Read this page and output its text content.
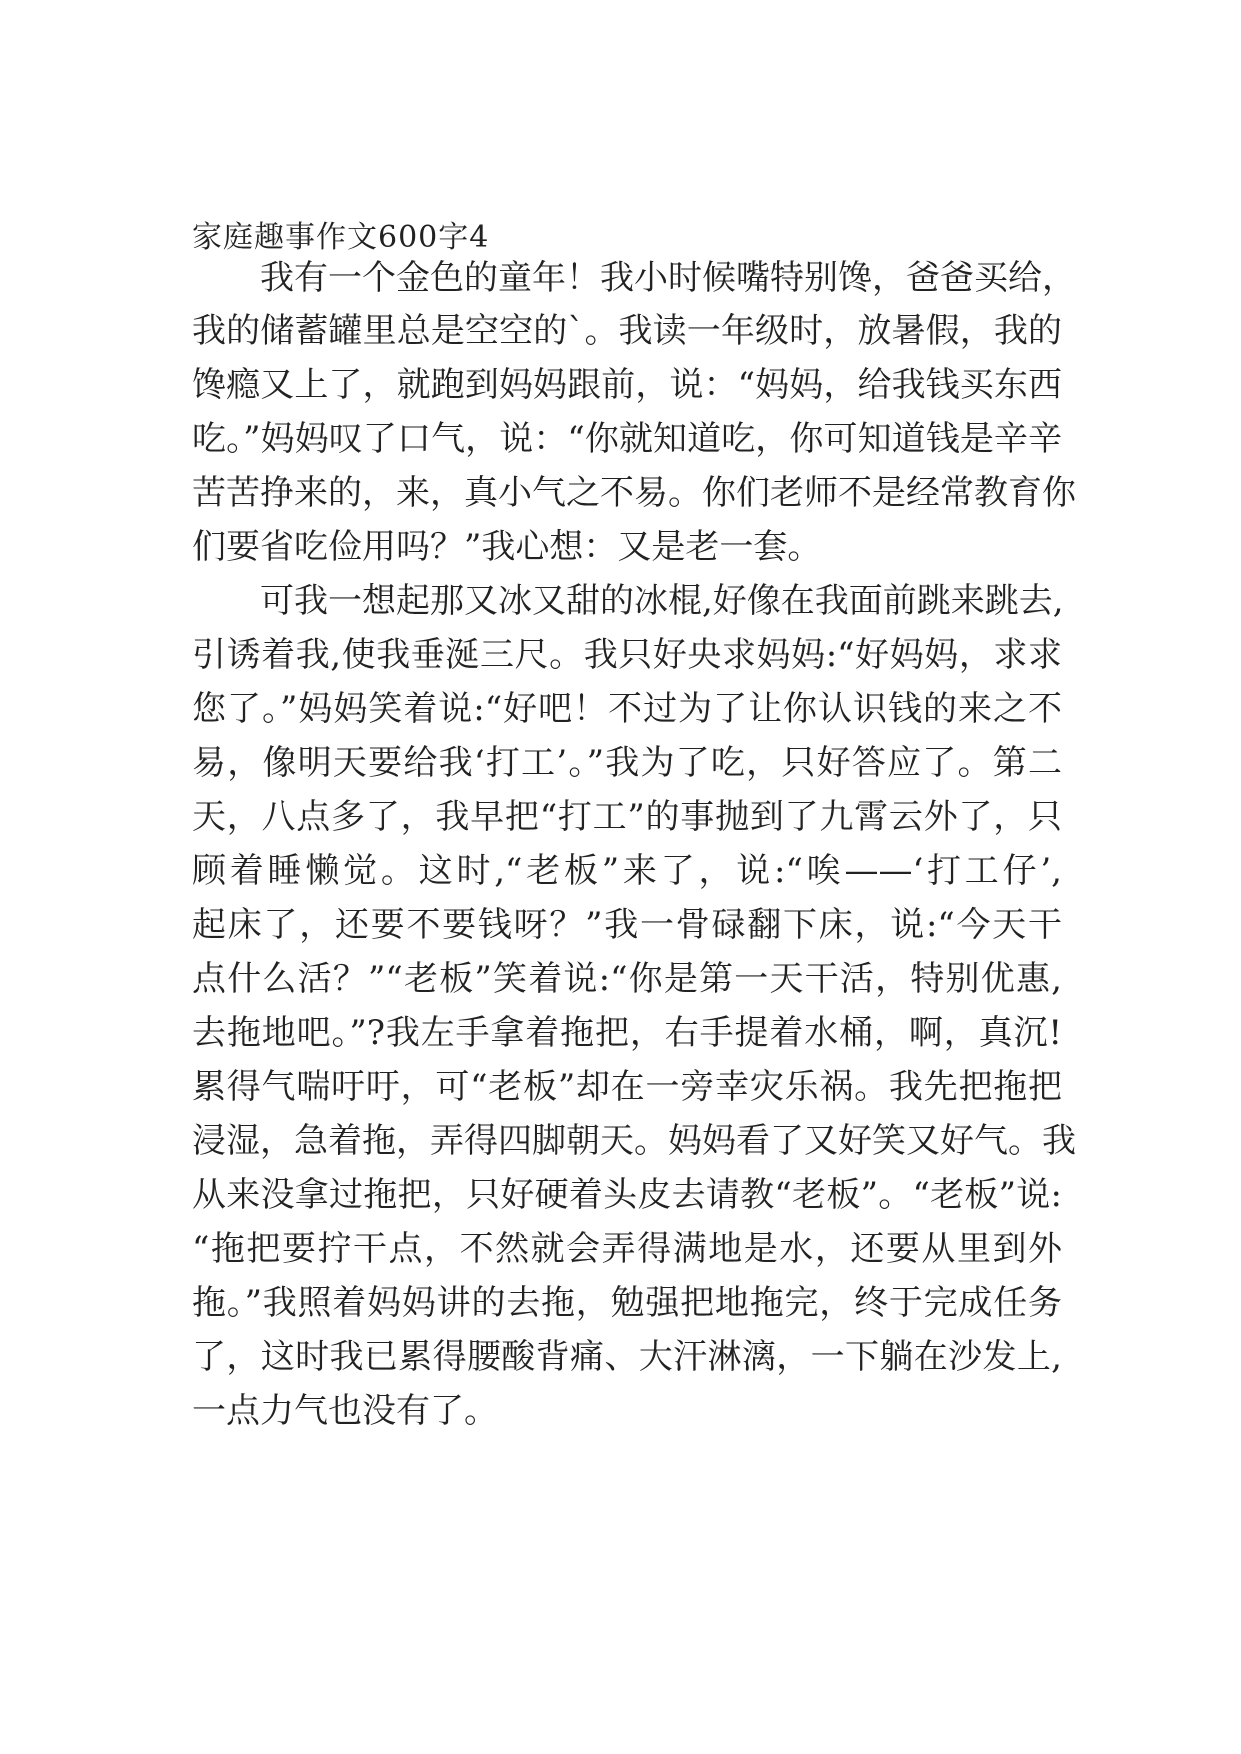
家庭趣事作文600字4
我有一个金色的童年！我小时候嘴特别馋，爸爸买给，
我的储蓄罐里总是空空的`。我读一年级时，放暑假，我的
馋瘾又上了，就跑到妈妈跟前，说：“妈妈，给我钱买东西
吃。”妈妈叹了口气，说：“你就知道吃，你可知道钱是辛辛
苦苦挣来的，来，真小气之不易。你们老师不是经常教育你
们要省吃俭用吗？”我心想：又是老一套。
可我一想起那又冰又甜的冰棍,好像在我面前跳来跳去,
引诱着我,使我垂涎三尺。我只好央求妈妈:“好妈妈，求求
您了。”妈妈笑着说:“好吧！不过为了让你认识钱的来之不
易，像明天要给我‘打工’。”我为了吃，只好答应了。第二
天，八点多了，我早把“打工”的事抛到了九霄云外了，只
顾着睡懒觉。这时,“老板”来了，说:“唉——‘打工仔’,
起床了，还要不要钱呀？”我一骨碌翻下床，说:“今天干
点什么活？”“老板”笑着说:“你是第一天干活，特别优惠,
去拖地吧。”?我左手拿着拖把，右手提着水桶，啊，真沉!
累得气喘吁吁，可“老板”却在一旁幸灾乐祸。我先把拖把
浸湿，急着拖，弄得四脚朝天。妈妈看了又好笑又好气。我
从来没拿过拖把，只好硬着头皮去请教“老板”。“老板”说:
“拖把要拧干点，不然就会弄得满地是水，还要从里到外
拖。”我照着妈妈讲的去拖，勉强把地拖完，终于完成任务
了，这时我已累得腰酸背痛、大汗淋漓，一下躺在沙发上,
一点力气也没有了。
